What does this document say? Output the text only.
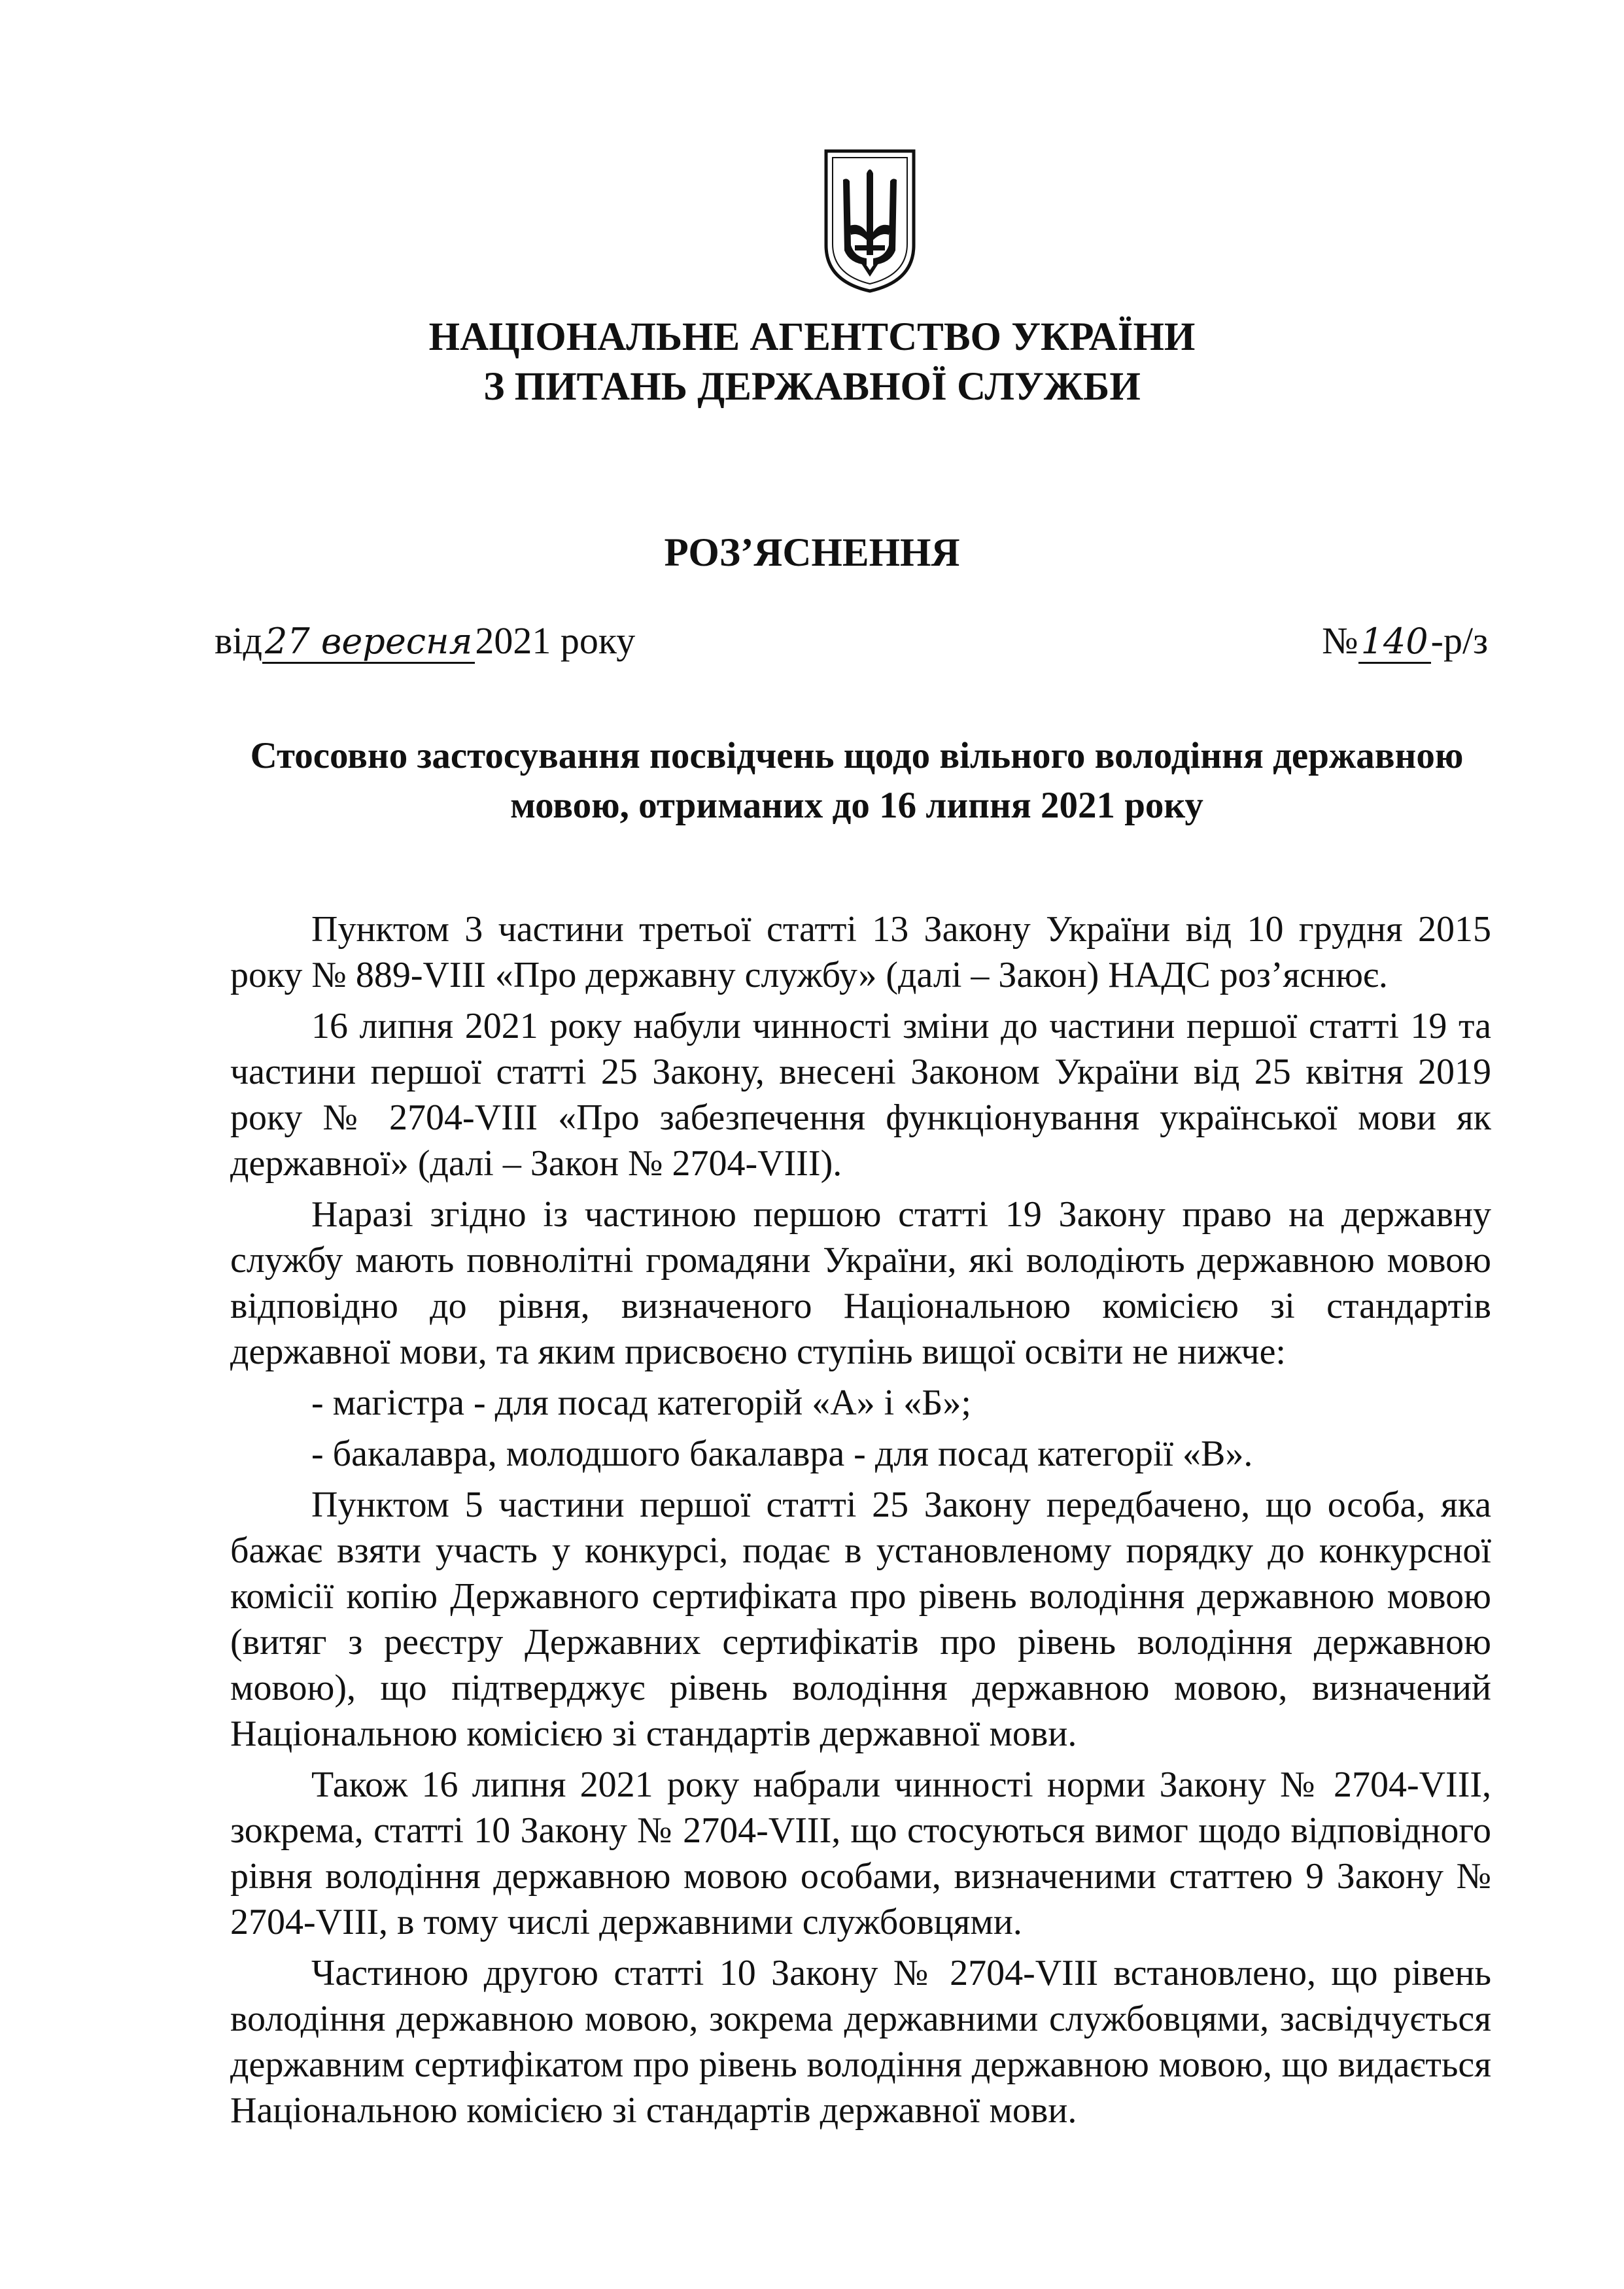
НАЦІОНАЛЬНЕ АГЕНТСТВО УКРАЇНИ
З ПИТАНЬ ДЕРЖАВНОЇ СЛУЖБИ
РОЗ’ЯСНЕННЯ
від27 вересня2021 року	№140-р/з
Стосовно застосування посвідчень щодо вільного володіння державною
мовою, отриманих до 16 липня 2021 року

Пунктом 3 частини третьої статті 13 Закону України від 10 грудня 2015 року № 889-VIII «Про державну службу» (далі – Закон) НАДС роз’яснює.

16 липня 2021 року набули чинності зміни до частини першої статті 19 та частини першої статті 25 Закону, внесені Законом України від 25 квітня 2019 року № 2704-VIII «Про забезпечення функціонування української мови як державної» (далі – Закон № 2704-VIII).

Наразі згідно із частиною першою статті 19 Закону право на державну службу мають повнолітні громадяни України, які володіють державною мовою відповідно до рівня, визначеного Національною комісією зі стандартів державної мови, та яким присвоєно ступінь вищої освіти не нижче:

- магістра - для посад категорій «А» і «Б»;

- бакалавра, молодшого бакалавра - для посад категорії «В».

Пунктом 5 частини першої статті 25 Закону передбачено, що особа, яка бажає взяти участь у конкурсі, подає в установленому порядку до конкурсної комісії копію Державного сертифіката про рівень володіння державною мовою (витяг з реєстру Державних сертифікатів про рівень володіння державною мовою), що підтверджує рівень володіння державною мовою, визначений Національною комісією зі стандартів державної мови.

Також 16 липня 2021 року набрали чинності норми Закону № 2704-VIII, зокрема, статті 10 Закону № 2704-VIII, що стосуються вимог щодо відповідного рівня володіння державною мовою особами, визначеними статтею 9 Закону № 2704-VIII, в тому числі державними службовцями.

Частиною другою статті 10 Закону № 2704-VIII встановлено, що рівень володіння державною мовою, зокрема державними службовцями, засвідчується державним сертифікатом про рівень володіння державною мовою, що видається Національною комісією зі стандартів державної мови.
